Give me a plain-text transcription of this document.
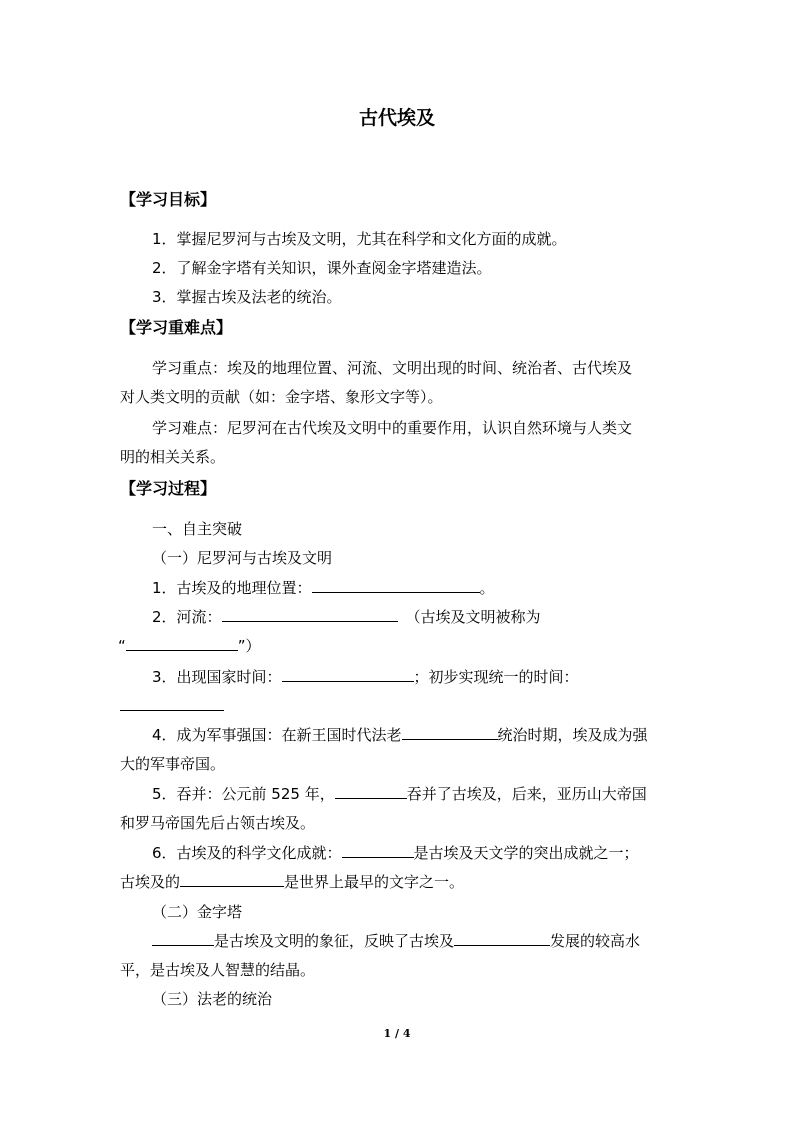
古代埃及
【学习目标】
1．掌握尼罗河与古埃及文明，尤其在科学和文化方面的成就。
2．了解金字塔有关知识，课外查阅金字塔建造法。
3．掌握古埃及法老的统治。
【学习重难点】
学习重点：埃及的地理位置、河流、文明出现的时间、统治者、古代埃及
对人类文明的贡献（如：金字塔、象形文字等）。
学习难点：尼罗河在古代埃及文明中的重要作用，认识自然环境与人类文
明的相关关系。
【学习过程】
一、自主突破
（一）尼罗河与古埃及文明
1．古埃及的地理位置：	。
2．河流：	（古埃及文明被称为
“	”）
3．出现国家时间：	；初步实现统一的时间：
4．成为军事强国：在新王国时代法老	统治时期，埃及成为强
大的军事帝国。
5．吞并：公元前 525 年，	吞并了古埃及，后来，亚历山大帝国
和罗马帝国先后占领古埃及。
6．古埃及的科学文化成就：	是古埃及天文学的突出成就之一；
古埃及的	是世界上最早的文字之一。
（二）金字塔
是古埃及文明的象征，反映了古埃及	发展的较高水
平，是古埃及人智慧的结晶。
（三）法老的统治
1 / 4
